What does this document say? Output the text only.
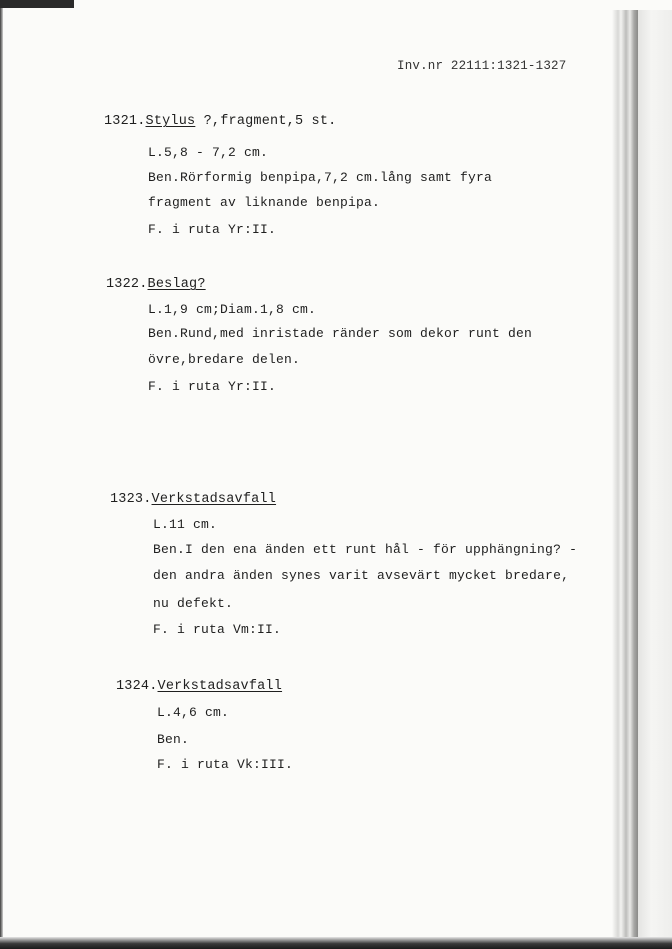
Inv.nr 22111:1321-1327
1321.Stylus ?,fragment,5 st.
L.5,8 - 7,2 cm.
Ben.Rörformig benpipa,7,2 cm.lång samt fyra
fragment av liknande benpipa.
F. i ruta Yr:II.
1322.Beslag?
L.1,9 cm;Diam.1,8 cm.
Ben.Rund,med inristade ränder som dekor runt den
övre,bredare delen.
F. i ruta Yr:II.
1323.Verkstadsavfall
L.11 cm.
Ben.I den ena änden ett runt hål - för upphängning? -
den andra änden synes varit avsevärt mycket bredare,
nu defekt.
F. i ruta Vm:II.
1324.Verkstadsavfall
L.4,6 cm.
Ben.
F. i ruta Vk:III.
